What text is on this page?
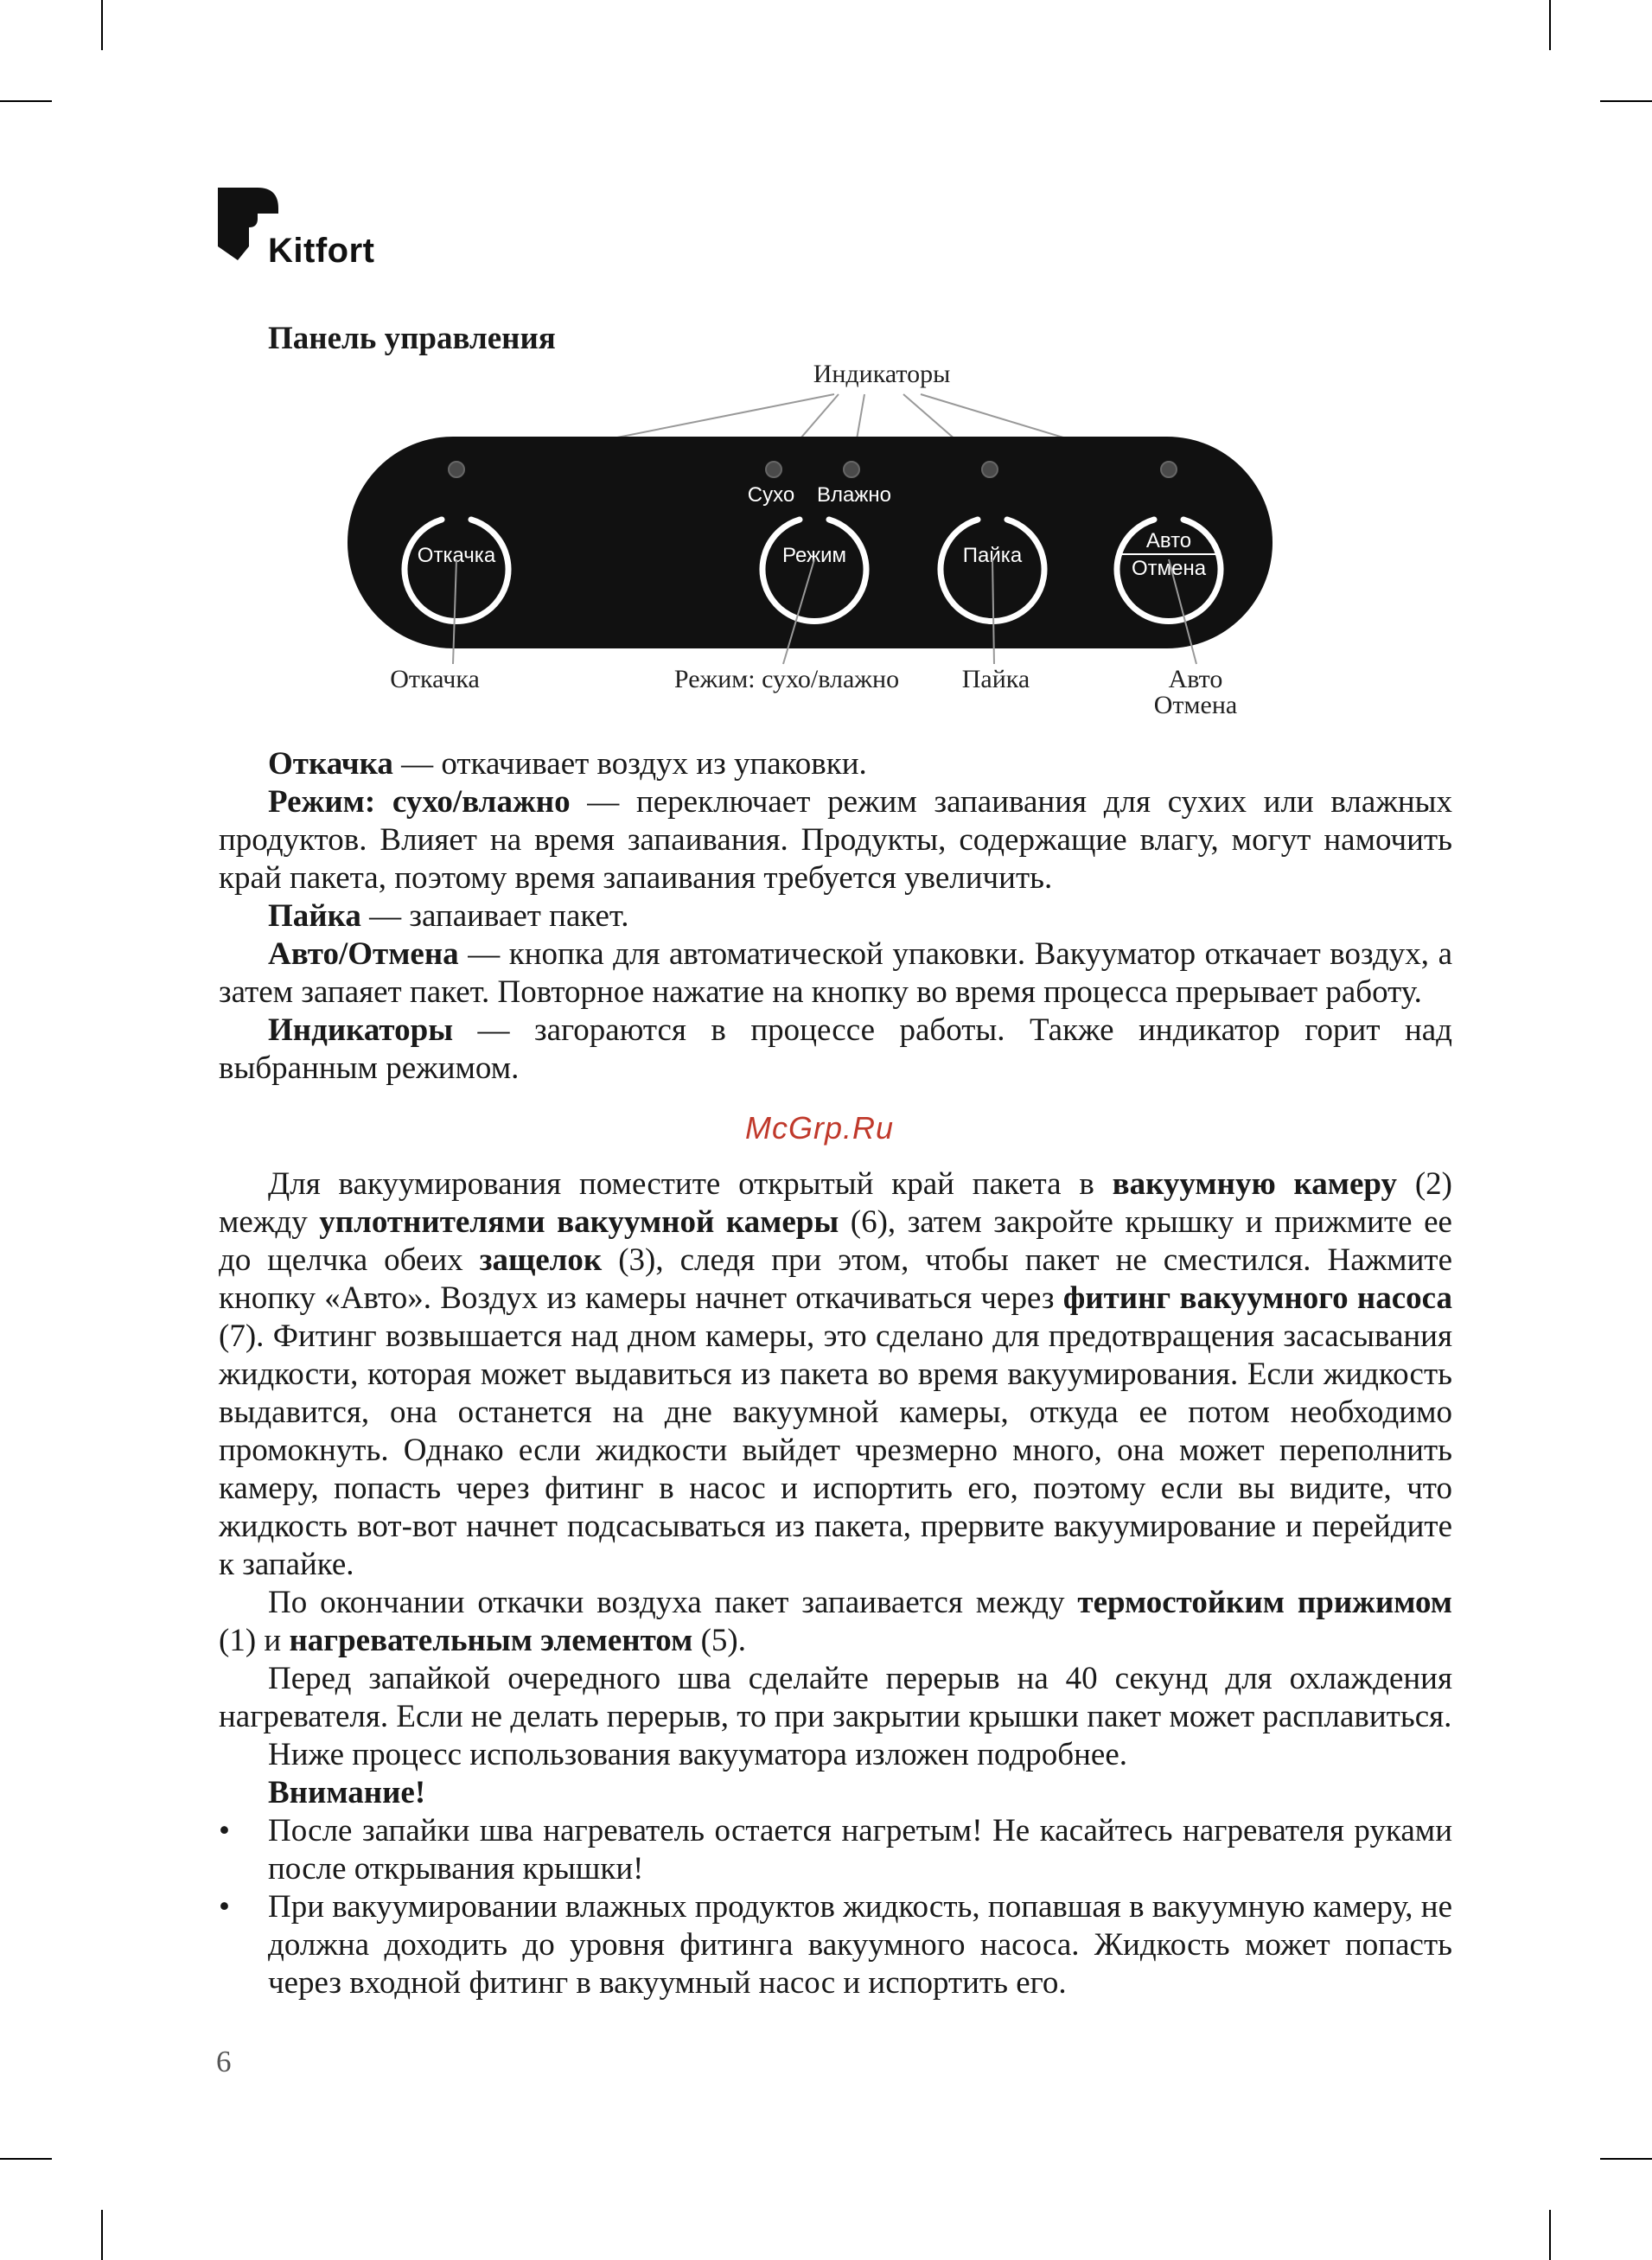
Kitfort
Панель управления
Индикаторы
Сухо Влажно
Откачка	Режим	Пайка
Авто
Отмена
Откачка	Режим: сухо/влажно Пайка	Авто
Отмена

Откачка — откачивает воздух из упаковки.

Режим: сухо/влажно — переключает режим запаивания для сухих или влажных продуктов. Влияет на время запаивания. Продукты, содержащие влагу, могут намочить край пакета, поэтому время запаивания требуется увеличить.

Пайка — запаивает пакет.

Авто/Отмена — кнопка для автоматической упаковки. Вакууматор откачает воздух, а затем запаяет пакет. Повторное нажатие на кнопку во время процесса прерывает работу.

Индикаторы — загораются в процессе работы. Также индикатор горит над выбранным режимом.

McGrp.Ru

Для вакуумирования поместите открытый край пакета в вакуумную камеру (2) между уплотнителями вакуумной камеры (6), затем закройте крышку и прижмите ее до щелчка обеих защелок (3), следя при этом, чтобы пакет не сместился. Нажмите кнопку «Авто». Воздух из камеры начнет откачиваться через фитинг вакуумного насоса (7). Фитинг возвышается над дном камеры, это сделано для предотвращения засасывания жидкости, которая может выдавиться из пакета во время вакуумирования. Если жидкость выдавится, она останется на дне вакуумной камеры, откуда ее потом необходимо промокнуть. Однако если жидкости выйдет чрезмерно много, она может переполнить камеру, попасть через фитинг в насос и испортить его, поэтому если вы видите, что жидкость вот-вот начнет подсасываться из пакета, прервите вакуумирование и перейдите к запайке.

По окончании откачки воздуха пакет запаивается между термостойким прижимом (1) и нагревательным элементом (5).

Перед запайкой очередного шва сделайте перерыв на 40 секунд для охлаждения нагревателя. Если не делать перерыв, то при закрытии крышки пакет может расплавиться.

Ниже процесс использования вакууматора изложен подробнее.

Внимание!

• После запайки шва нагреватель остается нагретым! Не касайтесь нагревателя руками после открывания крышки!
• При вакуумировании влажных продуктов жидкость, попавшая в вакуумную камеру, не должна доходить до уровня фитинга вакуумного насоса. Жидкость может попасть через входной фитинг в вакуумный насос и испортить его.
6
